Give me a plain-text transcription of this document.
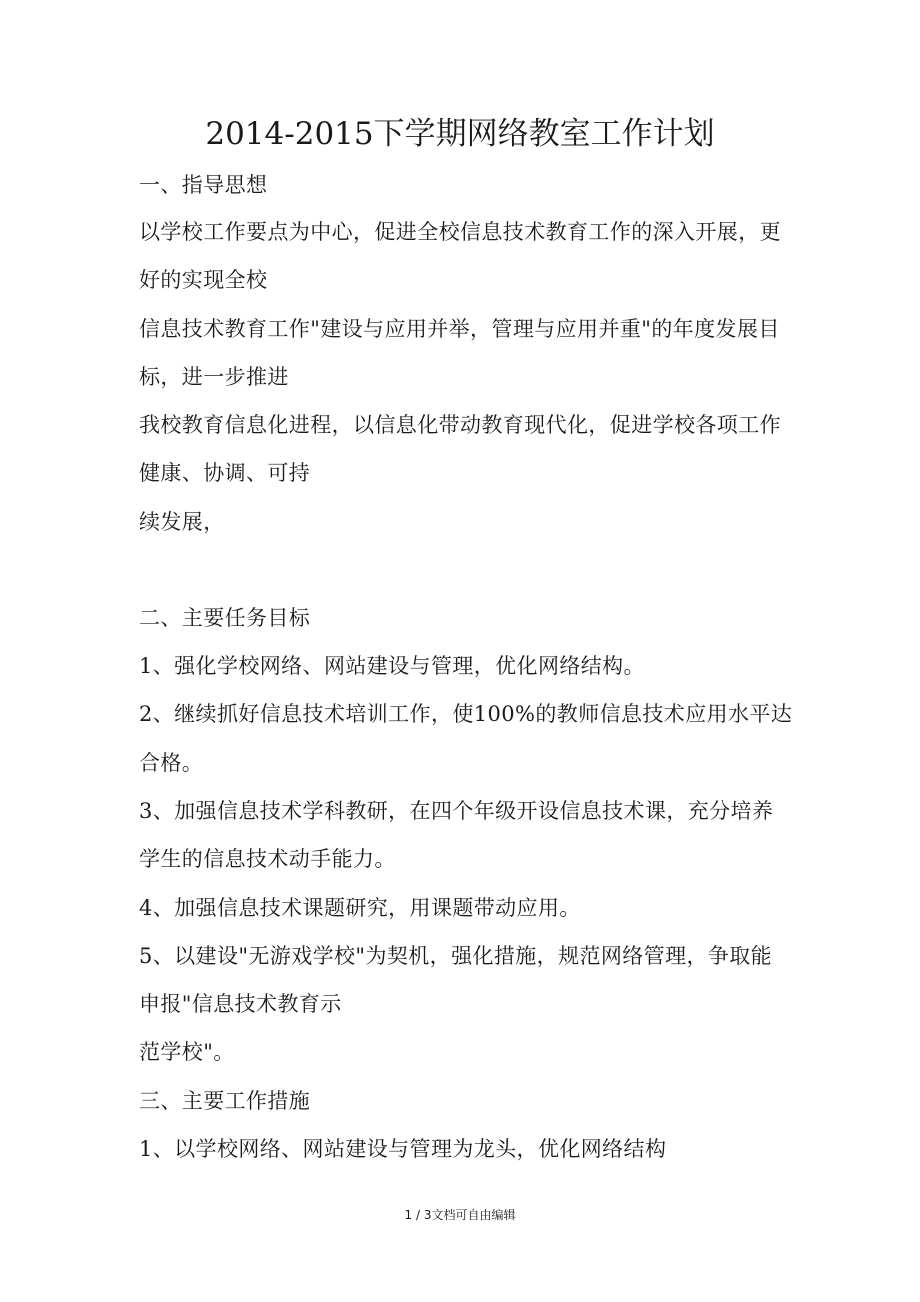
2014-2015下学期网络教室工作计划
一、指导思想
以学校工作要点为中心，促进全校信息技术教育工作的深入开展，更
好的实现全校
信息技术教育工作"建设与应用并举，管理与应用并重"的年度发展目
标，进一步推进
我校教育信息化进程，以信息化带动教育现代化，促进学校各项工作
健康、协调、可持
续发展，
二、主要任务目标
1、强化学校网络、网站建设与管理，优化网络结构。
2、继续抓好信息技术培训工作，使100%的教师信息技术应用水平达
合格。
3、加强信息技术学科教研，在四个年级开设信息技术课，充分培养
学生的信息技术动手能力。
4、加强信息技术课题研究，用课题带动应用。
5、以建设"无游戏学校"为契机，强化措施，规范网络管理，争取能
申报"信息技术教育示
范学校"。
三、主要工作措施
1、以学校网络、网站建设与管理为龙头，优化网络结构
1 / 3文档可自由编辑
